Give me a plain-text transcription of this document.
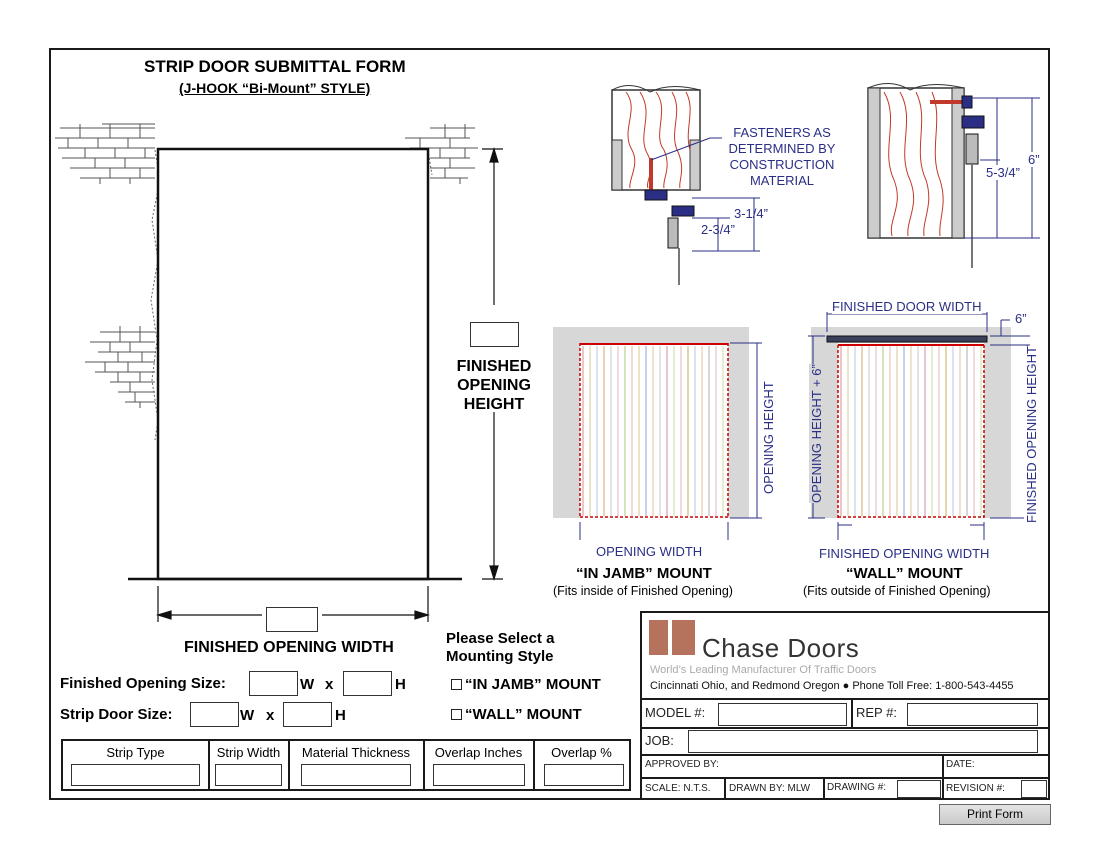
STRIP DOOR SUBMITTAL FORM
(J-HOOK “Bi-Mount” STYLE)
FINISHED
OPENING
HEIGHT
FINISHED OPENING WIDTH
FASTENERS AS
DETERMINED BY
CONSTRUCTION
MATERIAL
3-1/4”
2-3/4”
5-3/4”
6”
OPENING WIDTH
OPENING HEIGHT
“IN JAMB” MOUNT
(Fits inside of Finished Opening)
FINISHED DOOR WIDTH
6”
OPENING HEIGHT + 6”	FINISHED OPENING HEIGHT
FINISHED OPENING WIDTH
“WALL” MOUNT
(Fits outside of Finished Opening)
Finished Opening Size:	W x	H
Strip Door Size:	W x	H
Please Select a
Mounting Style
“IN JAMB” MOUNT
“WALL” MOUNT
Strip Type	Strip Width	Material Thickness	Overlap Inches	Overlap %
Chase Doors
World’s Leading Manufacturer Of Traffic Doors
Cincinnati Ohio, and Redmond Oregon ● Phone Toll Free: 1-800-543-4455
MODEL #:	REP #:
JOB:
APPROVED BY:	DATE:
SCALE: N.T.S. DRAWN BY: MLW DRAWING #:	REVISION #:
Print Form
